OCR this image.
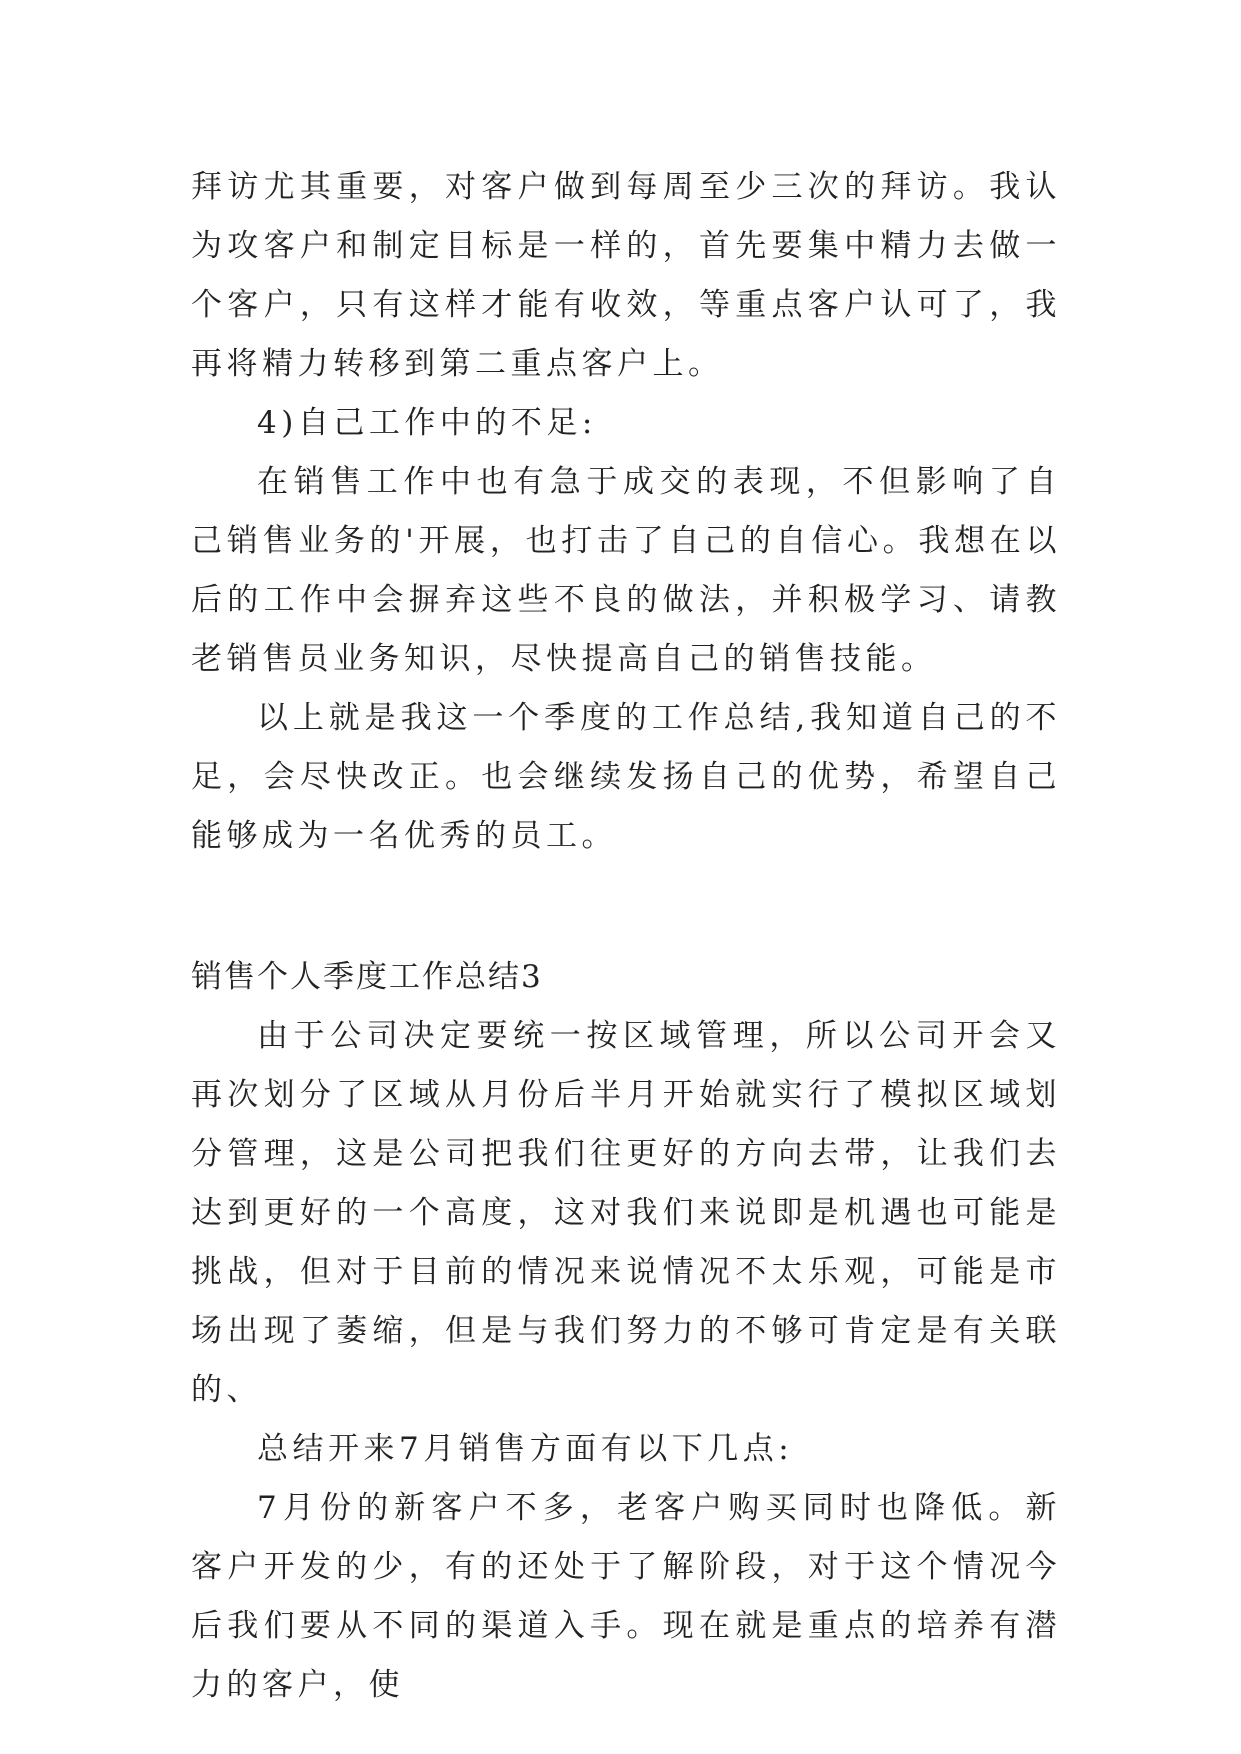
拜访尤其重要，对客户做到每周至少三次的拜访。我认为攻客户和制定目标是一样的，首先要集中精力去做一个客户，只有这样才能有收效，等重点客户认可了，我再将精力转移到第二重点客户上。

4)自己工作中的不足:

在销售工作中也有急于成交的表现，不但影响了自己销售业务的'开展，也打击了自己的自信心。我想在以后的工作中会摒弃这些不良的做法，并积极学习、请教老销售员业务知识，尽快提高自己的销售技能。

以上就是我这一个季度的工作总结,我知道自己的不足，会尽快改正。也会继续发扬自己的优势，希望自己能够成为一名优秀的员工。

销售个人季度工作总结3

由于公司决定要统一按区域管理，所以公司开会又再次划分了区域从月份后半月开始就实行了模拟区域划分管理，这是公司把我们往更好的方向去带，让我们去达到更好的一个高度，这对我们来说即是机遇也可能是挑战，但对于目前的情况来说情况不太乐观，可能是市场出现了萎缩，但是与我们努力的不够可肯定是有关联的、

总结开来7月销售方面有以下几点:

7月份的新客户不多，老客户购买同时也降低。新客户开发的少，有的还处于了解阶段，对于这个情况今后我们要从不同的渠道入手。现在就是重点的培养有潜力的客户，使
